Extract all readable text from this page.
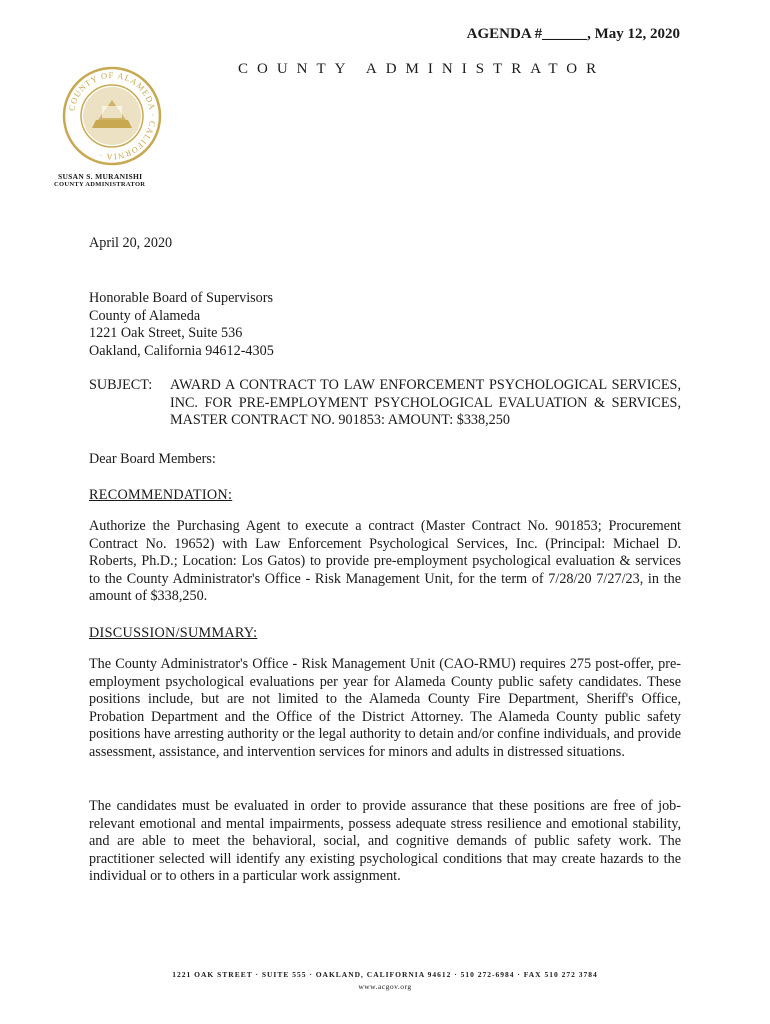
AGENDA #______, May 12, 2020
COUNTY ADMINISTRATOR
COUNTY OF ALAMEDA · CALIFORNIA ·
SUSAN S. MURANISHI
COUNTY ADMINISTRATOR
April 20, 2020
Honorable Board of Supervisors
County of Alameda
1221 Oak Street, Suite 536
Oakland, California 94612-4305
SUBJECT: AWARD A CONTRACT TO LAW ENFORCEMENT PSYCHOLOGICAL SERVICES, INC. FOR PRE-EMPLOYMENT PSYCHOLOGICAL EVALUATION & SERVICES, MASTER CONTRACT NO. 901853: AMOUNT: $338,250
Dear Board Members:
RECOMMENDATION:
Authorize the Purchasing Agent to execute a contract (Master Contract No. 901853; Procurement Contract No. 19652) with Law Enforcement Psychological Services, Inc. (Principal: Michael D. Roberts, Ph.D.; Location: Los Gatos) to provide pre-employment psychological evaluation & services to the County Administrator's Office - Risk Management Unit, for the term of 7/28/20 7/27/23, in the amount of $338,250.
DISCUSSION/SUMMARY:
The County Administrator's Office - Risk Management Unit (CAO-RMU) requires 275 post-offer, pre-employment psychological evaluations per year for Alameda County public safety candidates. These positions include, but are not limited to the Alameda County Fire Department, Sheriff's Office, Probation Department and the Office of the District Attorney. The Alameda County public safety positions have arresting authority or the legal authority to detain and/or confine individuals, and provide assessment, assistance, and intervention services for minors and adults in distressed situations.
The candidates must be evaluated in order to provide assurance that these positions are free of job-relevant emotional and mental impairments, possess adequate stress resilience and emotional stability, and are able to meet the behavioral, social, and cognitive demands of public safety work. The practitioner selected will identify any existing psychological conditions that may create hazards to the individual or to others in a particular work assignment.
1221 OAK STREET · SUITE 555 · OAKLAND, CALIFORNIA 94612 · 510 272-6984 · FAX 510 272 3784
www.acgov.org
